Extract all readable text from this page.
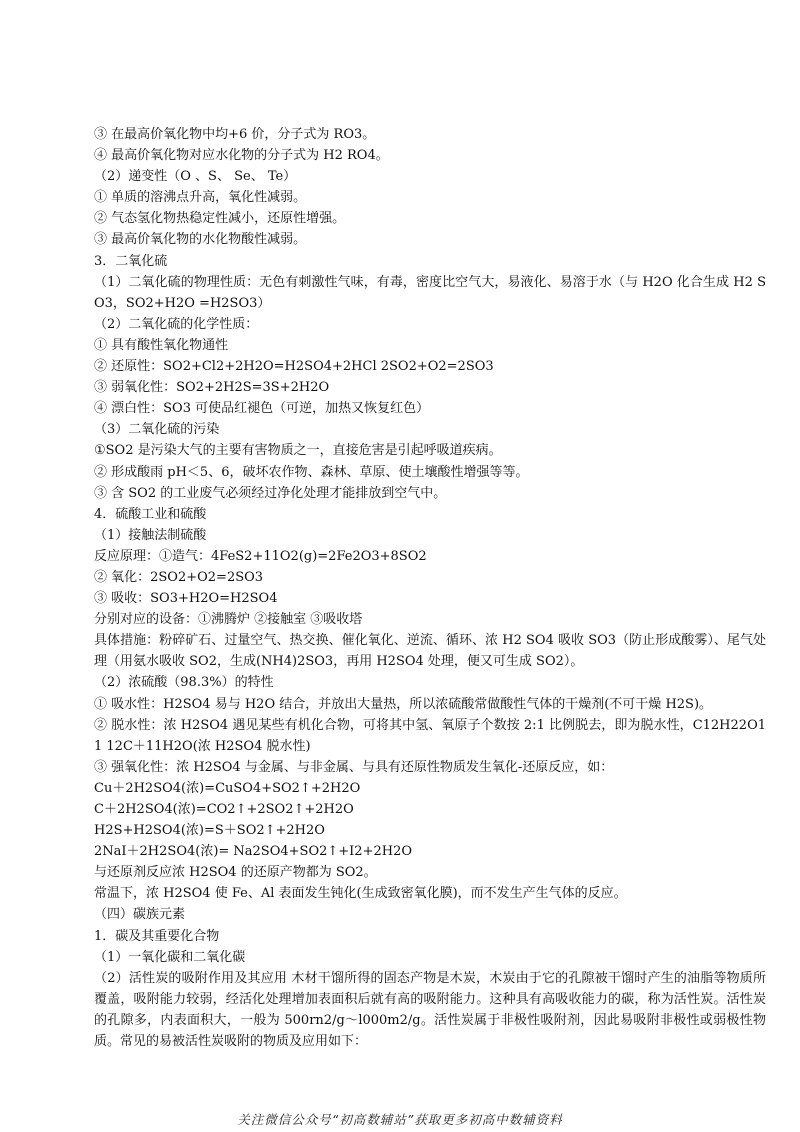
③ 在最高价氧化物中均+6 价，分子式为 RO3。
④ 最高价氧化物对应水化物的分子式为 H2 RO4。
（2）递变性（O 、S、 Se、 Te）
① 单质的溶沸点升高，氧化性减弱。
② 气态氢化物热稳定性减小，还原性增强。
③ 最高价氧化物的水化物酸性减弱。
3．二氧化硫
（1）二氧化硫的物理性质：无色有刺激性气味，有毒，密度比空气大，易液化、易溶于水（与 H2O 化合生成 H2 SO3，SO2+H2O =H2SO3）
（2）二氧化硫的化学性质：
① 具有酸性氧化物通性
② 还原性：SO2+Cl2+2H2O=H2SO4+2HCl 2SO2+O2=2SO3
③ 弱氧化性：SO2+2H2S=3S+2H2O
④ 漂白性：SO3 可使品红褪色（可逆，加热又恢复红色）
（3）二氧化硫的污染
①SO2 是污染大气的主要有害物质之一，直接危害是引起呼吸道疾病。
② 形成酸雨 pH＜5、6，破坏农作物、森林、草原、使土壤酸性增强等等。
③ 含 SO2 的工业废气必须经过净化处理才能排放到空气中。
4．硫酸工业和硫酸
（1）接触法制硫酸
反应原理：①造气：4FeS2+11O2(g)=2Fe2O3+8SO2
② 氧化：2SO2+O2=2SO3
③ 吸收：SO3+H2O=H2SO4
分别对应的设备：①沸腾炉 ②接触室 ③吸收塔
具体措施：粉碎矿石、过量空气、热交换、催化氧化、逆流、循环、浓 H2 SO4 吸收 SO3（防止形成酸雾）、尾气处理（用氨水吸收 SO2，生成(NH4)2SO3，再用 H2SO4 处理，便又可生成 SO2）。
（2）浓硫酸（98.3%）的特性
① 吸水性：H2SO4 易与 H2O 结合，并放出大量热，所以浓硫酸常做酸性气体的干燥剂(不可干燥 H2S)。
② 脱水性：浓 H2SO4 遇见某些有机化合物，可将其中氢、氧原子个数按 2:1 比例脱去，即为脱水性，C12H22O11 12C＋11H2O(浓 H2SO4 脱水性)
③ 强氧化性：浓 H2SO4 与金属、与非金属、与具有还原性物质发生氧化-还原反应，如：
Cu＋2H2SO4(浓)=CuSO4+SO2↑+2H2O
C＋2H2SO4(浓)=CO2↑+2SO2↑+2H2O
H2S+H2SO4(浓)=S＋SO2↑+2H2O
2NaI＋2H2SO4(浓)= Na2SO4+SO2↑+I2+2H2O
与还原剂反应浓 H2SO4 的还原产物都为 SO2。
常温下，浓 H2SO4 使 Fe、Al 表面发生钝化(生成致密氧化膜)，而不发生产生气体的反应。
（四）碳族元素
1．碳及其重要化合物
（1）一氧化碳和二氧化碳
（2）活性炭的吸附作用及其应用 木材干馏所得的固态产物是木炭，木炭由于它的孔隙被干馏时产生的油脂等物质所覆盖，吸附能力较弱，经活化处理增加表面积后就有高的吸附能力。这种具有高吸收能力的碳，称为活性炭。活性炭的孔隙多，内表面积大，一般为 500rn2/g～l000m2/g。活性炭属于非极性吸附剂，因此易吸附非极性或弱极性物质。常见的易被活性炭吸附的物质及应用如下：
关注微信公众号“初高数辅站”获取更多初高中数辅资料
